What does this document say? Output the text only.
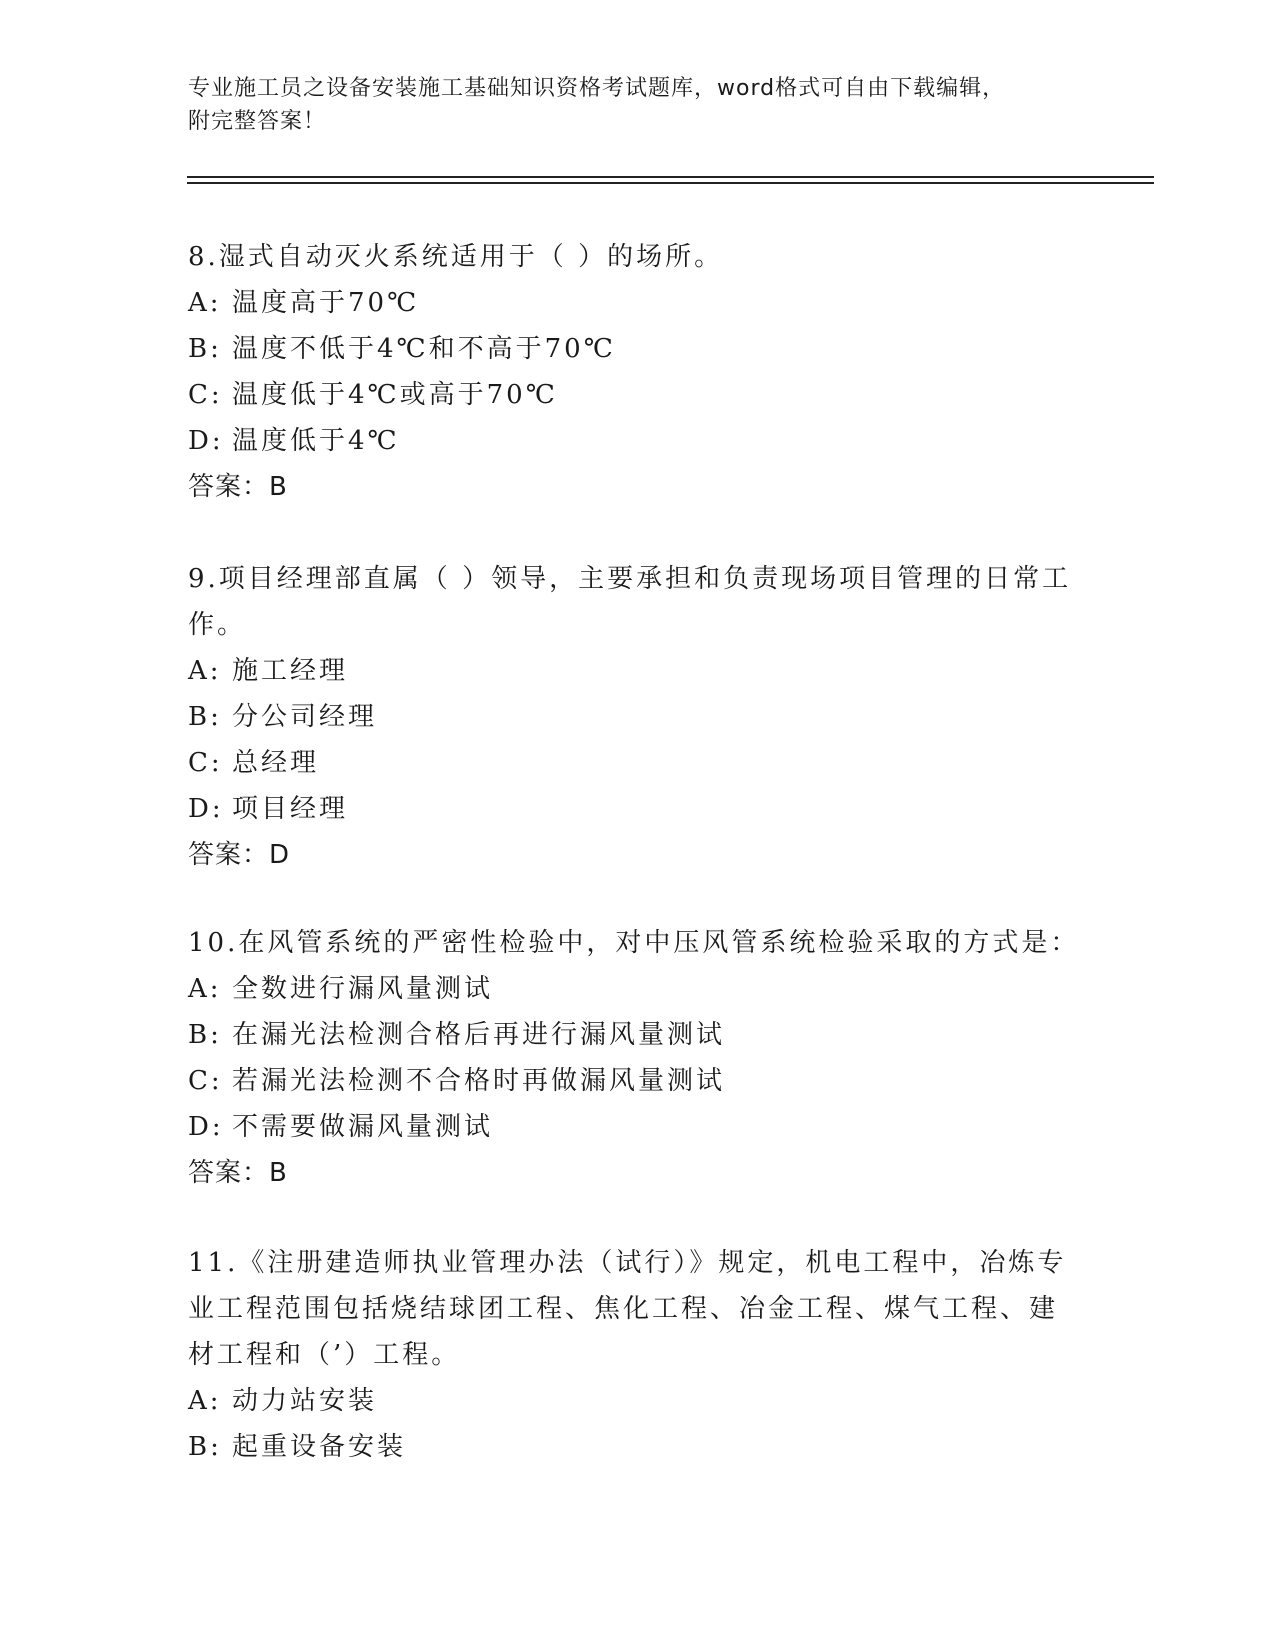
专业施工员之设备安装施工基础知识资格考试题库，word格式可自由下载编辑，
附完整答案！
8.湿式自动灭火系统适用于（ ）的场所。
A: 温度高于70℃
B: 温度不低于4℃和不高于70℃
C: 温度低于4℃或高于70℃
D: 温度低于4℃
答案：B
9.项目经理部直属（ ）领导，主要承担和负责现场项目管理的日常工
作。
A: 施工经理
B: 分公司经理
C: 总经理
D: 项目经理
答案：D
10.在风管系统的严密性检验中，对中压风管系统检验采取的方式是：
A: 全数进行漏风量测试
B: 在漏光法检测合格后再进行漏风量测试
C: 若漏光法检测不合格时再做漏风量测试
D: 不需要做漏风量测试
答案：B
11.《注册建造师执业管理办法（试行）》规定，机电工程中，冶炼专
业工程范围包括烧结球团工程、焦化工程、冶金工程、煤气工程、建
材工程和（’）工程。
A: 动力站安装
B: 起重设备安装
